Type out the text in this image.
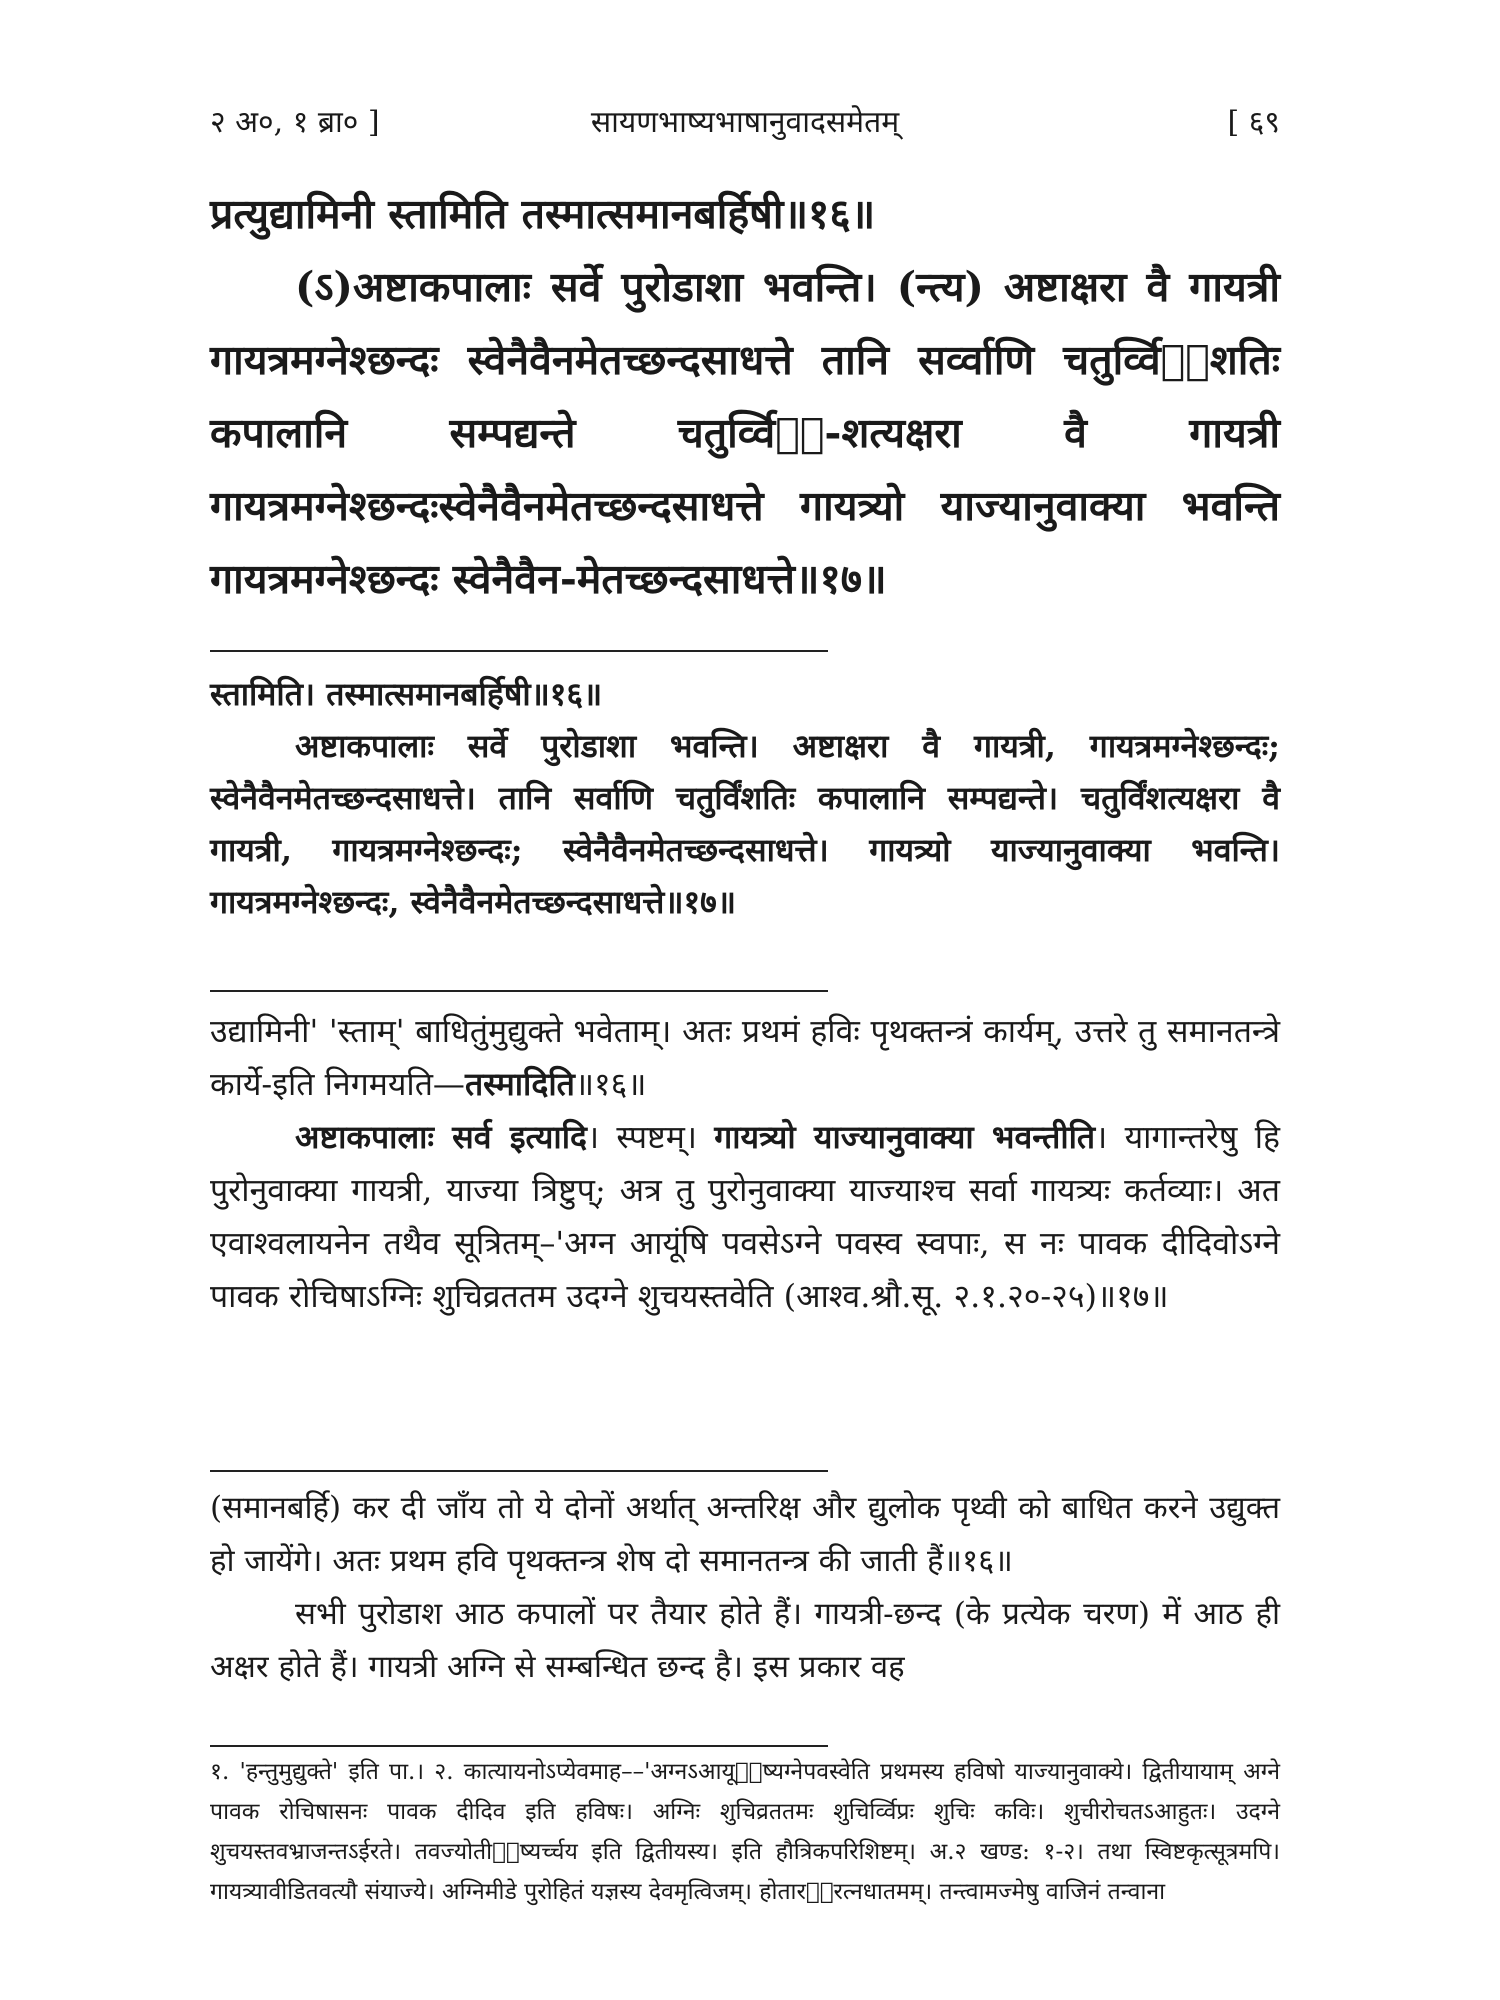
२ अ०, १ ब्रा० ]	सायणभाष्यभाषानुवादसमेतम्	[ ६९

प्रत्युद्यामिनी स्तामिति तस्मात्समानबर्हिषी॥१६॥

(ऽ)अष्टाकपालाः सर्वे पुरोडाशा भवन्ति। (न्त्य) अष्टाक्षरा वै गायत्री गायत्रमग्नेश्छन्दः स्वेनैवैनमेतच्छन्दसाधत्ते तानि सर्व्वाणि चतुर्व्विᳫँशतिः कपालानि सम्पद्यन्ते चतुर्व्विᳫँ-शत्यक्षरा वै गायत्री गायत्रमग्नेश्छन्दःस्वेनैवैनमेतच्छन्दसाधत्ते गायत्र्यो याज्यानुवाक्या भवन्ति गायत्रमग्नेश्छन्दः स्वेनैवैन-मेतच्छन्दसाधत्ते॥१७॥

स्तामिति। तस्मात्समानबर्हिषी॥१६॥

अष्टाकपालाः सर्वे पुरोडाशा भवन्ति। अष्टाक्षरा वै गायत्री, गायत्रमग्नेश्छन्दः; स्वेनैवैनमेतच्छन्दसाधत्ते। तानि सर्वाणि चतुर्विंशतिः कपालानि सम्पद्यन्ते। चतुर्विंशत्यक्षरा वै गायत्री, गायत्रमग्नेश्छन्दः; स्वेनैवैनमेतच्छन्दसाधत्ते। गायत्र्यो याज्यानुवाक्या भवन्ति। गायत्रमग्नेश्छन्दः, स्वेनैवैनमेतच्छन्दसाधत्ते॥१७॥

उद्यामिनी' 'स्ताम्' बाधितुंमुद्युक्ते भवेताम्। अतः प्रथमं हविः पृथक्तन्त्रं कार्यम्, उत्तरे तु समानतन्त्रे कार्ये-इति निगमयति—तस्मादिति॥१६॥

अष्टाकपालाः सर्व इत्यादि। स्पष्टम्। गायत्र्यो याज्यानुवाक्या भवन्तीति। यागान्तरेषु हि पुरोनुवाक्या गायत्री, याज्या त्रिष्टुप्; अत्र तु पुरोनुवाक्या याज्याश्च सर्वा गायत्र्यः कर्तव्याः। अत एवाश्वलायनेन तथैव सूत्रितम्–'अग्न आयूंषि पवसेऽग्ने पवस्व स्वपाः, स नः पावक दीदिवोऽग्ने पावक रोचिषाऽग्निः शुचिव्रततम उदग्ने शुचयस्तवेति (आश्व.श्रौ.सू. २.१.२०-२५)॥१७॥

(समानबर्हि) कर दी जाँय तो ये दोनों अर्थात् अन्तरिक्ष और द्युलोक पृथ्वी को बाधित करने उद्युक्त हो जायेंगे। अतः प्रथम हवि पृथक्तन्त्र शेष दो समानतन्त्र की जाती हैं॥१६॥

सभी पुरोडाश आठ कपालों पर तैयार होते हैं। गायत्री-छन्द (के प्रत्येक चरण) में आठ ही अक्षर होते हैं। गायत्री अग्नि से सम्बन्धित छन्द है। इस प्रकार वह

१. 'हन्तुमुद्युक्ते' इति पा.। २. कात्यायनोऽप्येवमाह––'अग्नऽआयूᳫँष्यग्नेपवस्वेति प्रथमस्य हविषो याज्यानुवाक्ये। द्वितीयायाम् अग्ने पावक रोचिषासनः पावक दीदिव इति हविषः। अग्निः शुचिव्रततमः शुचिर्व्विप्रः शुचिः कविः। शुचीरोचतऽआहुतः। उदग्ने शुचयस्तवभ्राजन्तऽईरते। तवज्योतीᳫँष्यर्च्चय इति द्वितीयस्य। इति हौत्रिकपरिशिष्टम्। अ.२ खण्ड: १-२। तथा स्विष्टकृत्सूत्रमपि। गायत्र्यावीडितवत्यौ संयाज्ये। अग्निमीडे पुरोहितं यज्ञस्य देवमृत्विजम्। होतारᳫँरत्नधातमम्। तन्त्वामज्मेषु वाजिनं तन्वाना
